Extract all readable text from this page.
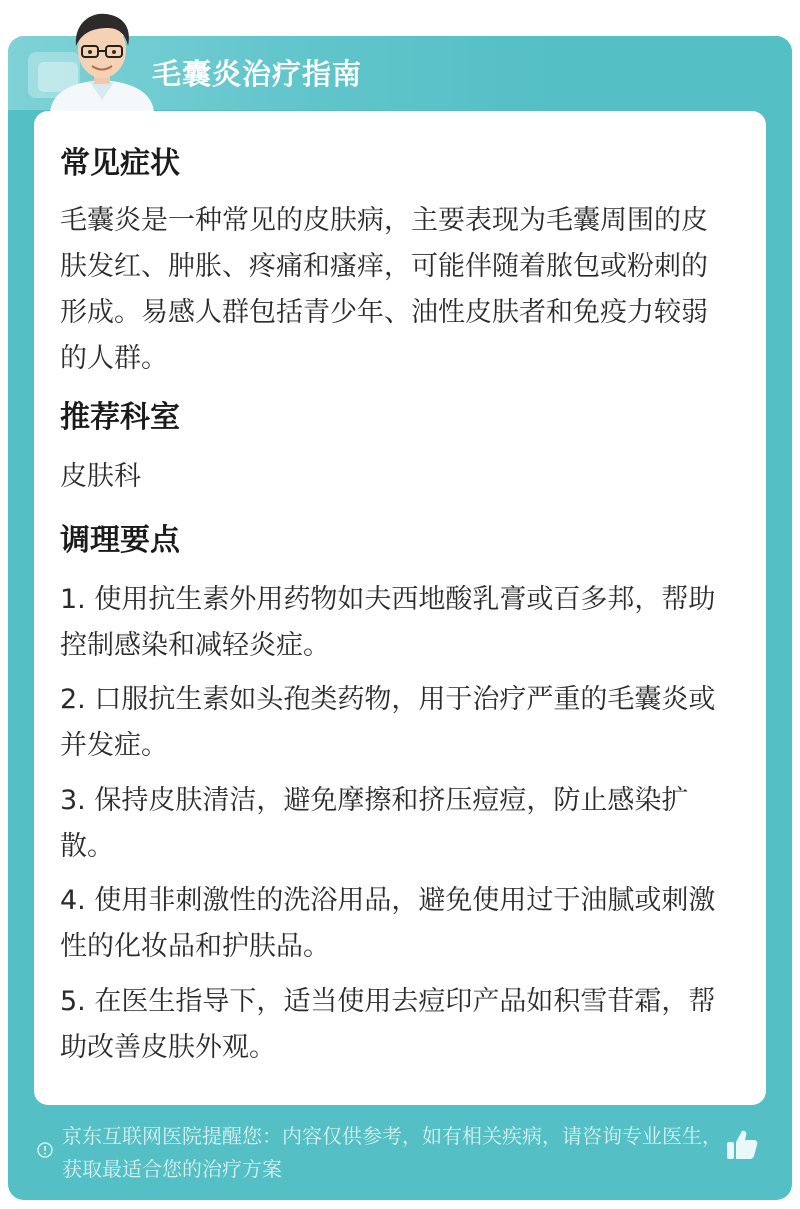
毛囊炎治疗指南
常见症状
毛囊炎是一种常见的皮肤病，主要表现为毛囊周围的皮肤发红、肿胀、疼痛和瘙痒，可能伴随着脓包或粉刺的形成。易感人群包括青少年、油性皮肤者和免疫力较弱的人群。
推荐科室
皮肤科
调理要点
1. 使用抗生素外用药物如夫西地酸乳膏或百多邦，帮助控制感染和减轻炎症。
2. 口服抗生素如头孢类药物，用于治疗严重的毛囊炎或并发症。
3. 保持皮肤清洁，避免摩擦和挤压痘痘，防止感染扩散。
4. 使用非刺激性的洗浴用品，避免使用过于油腻或刺激性的化妆品和护肤品。
5. 在医生指导下，适当使用去痘印产品如积雪苷霜，帮助改善皮肤外观。
京东互联网医院提醒您：内容仅供参考，如有相关疾病，请咨询专业医生，获取最适合您的治疗方案
